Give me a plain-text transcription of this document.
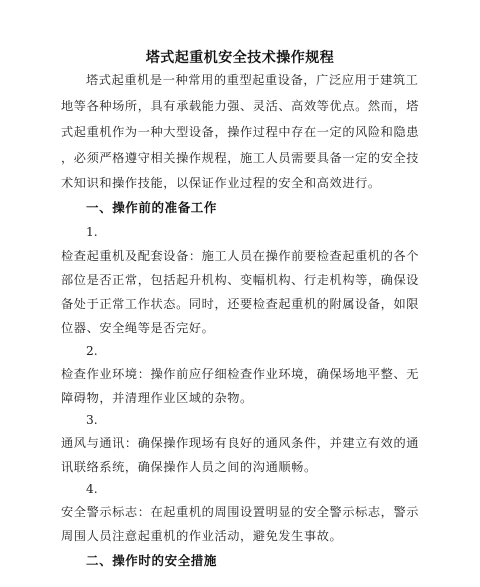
塔式起重机安全技术操作规程
塔式起重机是一种常用的重型起重设备，广泛应用于建筑工
地等各种场所，具有承载能力强、灵活、高效等优点。然而，塔
式起重机作为一种大型设备，操作过程中存在一定的风险和隐患
，必须严格遵守相关操作规程，施工人员需要具备一定的安全技
术知识和操作技能，以保证作业过程的安全和高效进行。
一、操作前的准备工作
1.
检查起重机及配套设备：施工人员在操作前要检查起重机的各个
部位是否正常，包括起升机构、变幅机构、行走机构等，确保设
备处于正常工作状态。同时，还要检查起重机的附属设备，如限
位器、安全绳等是否完好。
2.
检查作业环境：操作前应仔细检查作业环境，确保场地平整、无
障碍物，并清理作业区域的杂物。
3.
通风与通讯：确保操作现场有良好的通风条件，并建立有效的通
讯联络系统，确保操作人员之间的沟通顺畅。
4.
安全警示标志：在起重机的周围设置明显的安全警示标志，警示
周围人员注意起重机的作业活动，避免发生事故。
二、操作时的安全措施
